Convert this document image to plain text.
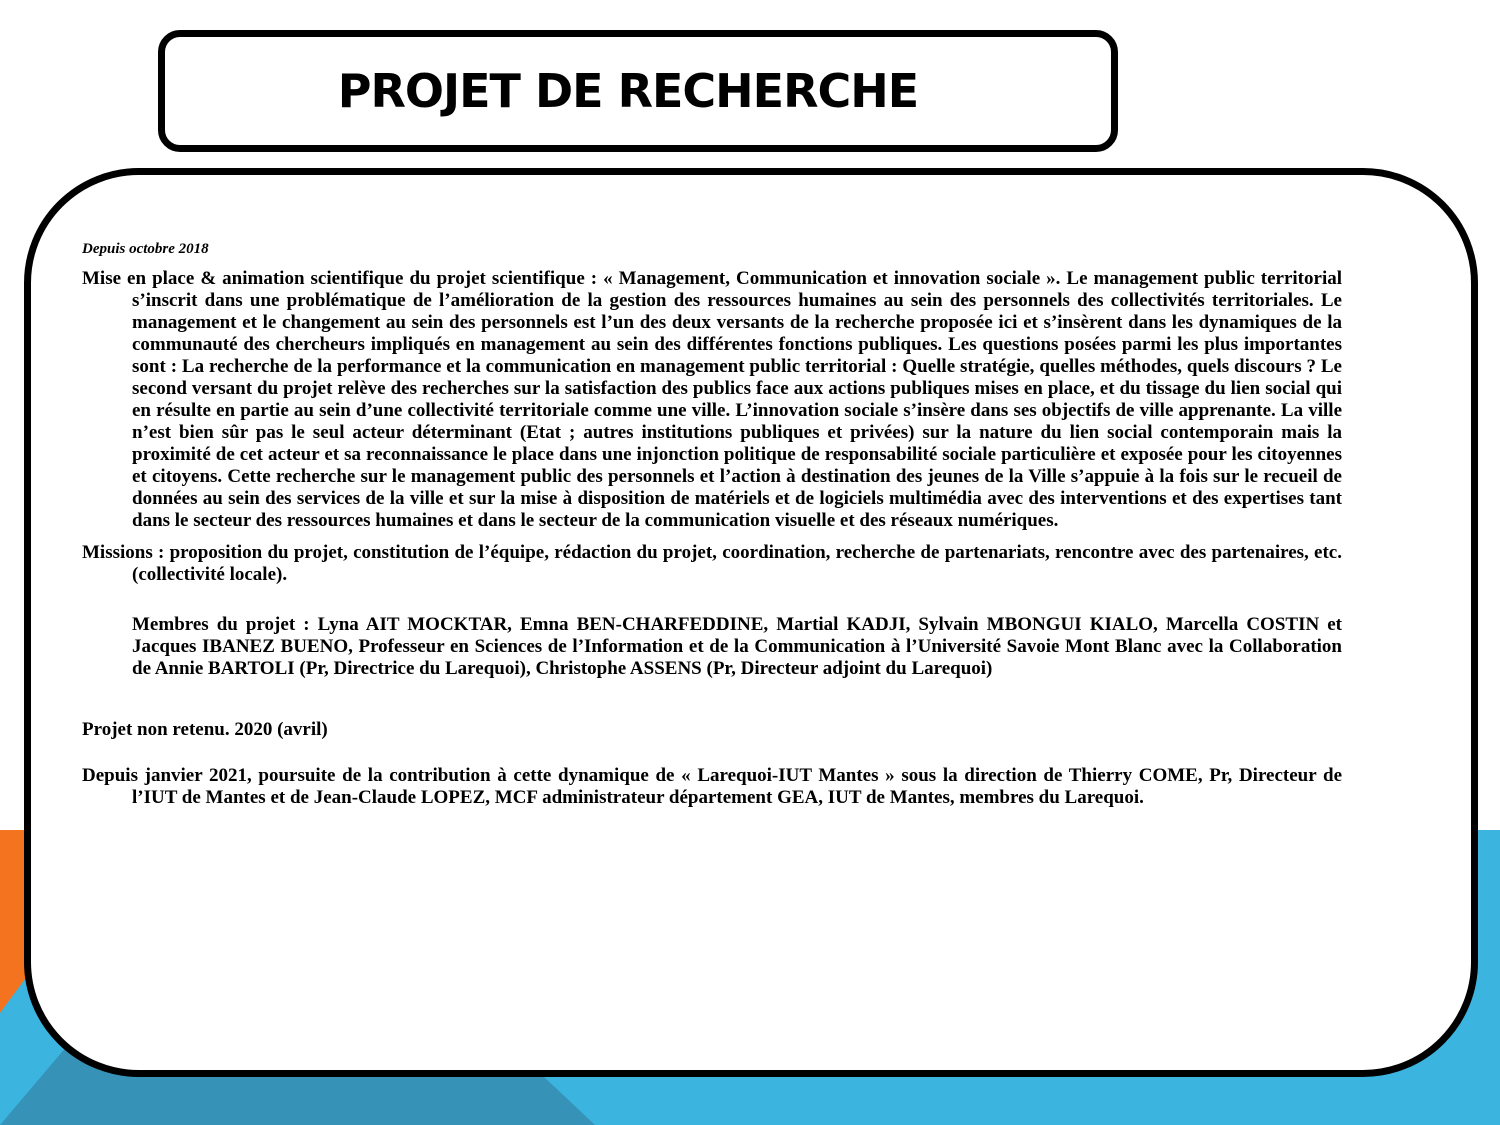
PROJET DE RECHERCHE

Depuis octobre 2018

Mise en place & animation scientifique du projet scientifique : « Management, Communication et innovation sociale ». Le management public territorial s’inscrit dans une problématique de l’amélioration de la gestion des ressources humaines au sein des personnels des collectivités territoriales. Le management et le changement au sein des personnels est l’un des deux versants de la recherche proposée ici et s’insèrent dans les dynamiques de la communauté des chercheurs impliqués en management au sein des différentes fonctions publiques. Les questions posées parmi les plus importantes sont : La recherche de la performance et la communication en management public territorial : Quelle stratégie, quelles méthodes, quels discours ? Le second versant du projet relève des recherches sur la satisfaction des publics face aux actions publiques mises en place, et du tissage du lien social qui en résulte en partie au sein d’une collectivité territoriale comme une ville. L’innovation sociale s’insère dans ses objectifs de ville apprenante. La ville n’est bien sûr pas le seul acteur déterminant (Etat ; autres institutions publiques et privées) sur la nature du lien social contemporain mais la proximité de cet acteur et sa reconnaissance le place dans une injonction politique de responsabilité sociale particulière et exposée pour les citoyennes et citoyens. Cette recherche sur le management public des personnels et l’action à destination des jeunes de la Ville s’appuie à la fois sur le recueil de données au sein des services de la ville et sur la mise à disposition de matériels et de logiciels multimédia avec des interventions et des expertises tant dans le secteur des ressources humaines et dans le secteur de la communication visuelle et des réseaux numériques.

Missions : proposition du projet, constitution de l’équipe, rédaction du projet, coordination, recherche de partenariats, rencontre avec des partenaires, etc. (collectivité locale).

Membres du projet : Lyna AIT MOCKTAR, Emna BEN-CHARFEDDINE, Martial KADJI, Sylvain MBONGUI KIALO, Marcella COSTIN et Jacques IBANEZ BUENO, Professeur en Sciences de l’Information et de la Communication à l’Université Savoie Mont Blanc avec la Collaboration de Annie BARTOLI (Pr, Directrice du Larequoi), Christophe ASSENS (Pr, Directeur adjoint du Larequoi)

Projet non retenu. 2020 (avril)

Depuis janvier 2021, poursuite de la contribution à cette dynamique de « Larequoi-IUT Mantes » sous la direction de Thierry COME, Pr, Directeur de l’IUT de Mantes et de Jean-Claude LOPEZ, MCF administrateur département GEA, IUT de Mantes, membres du Larequoi.
